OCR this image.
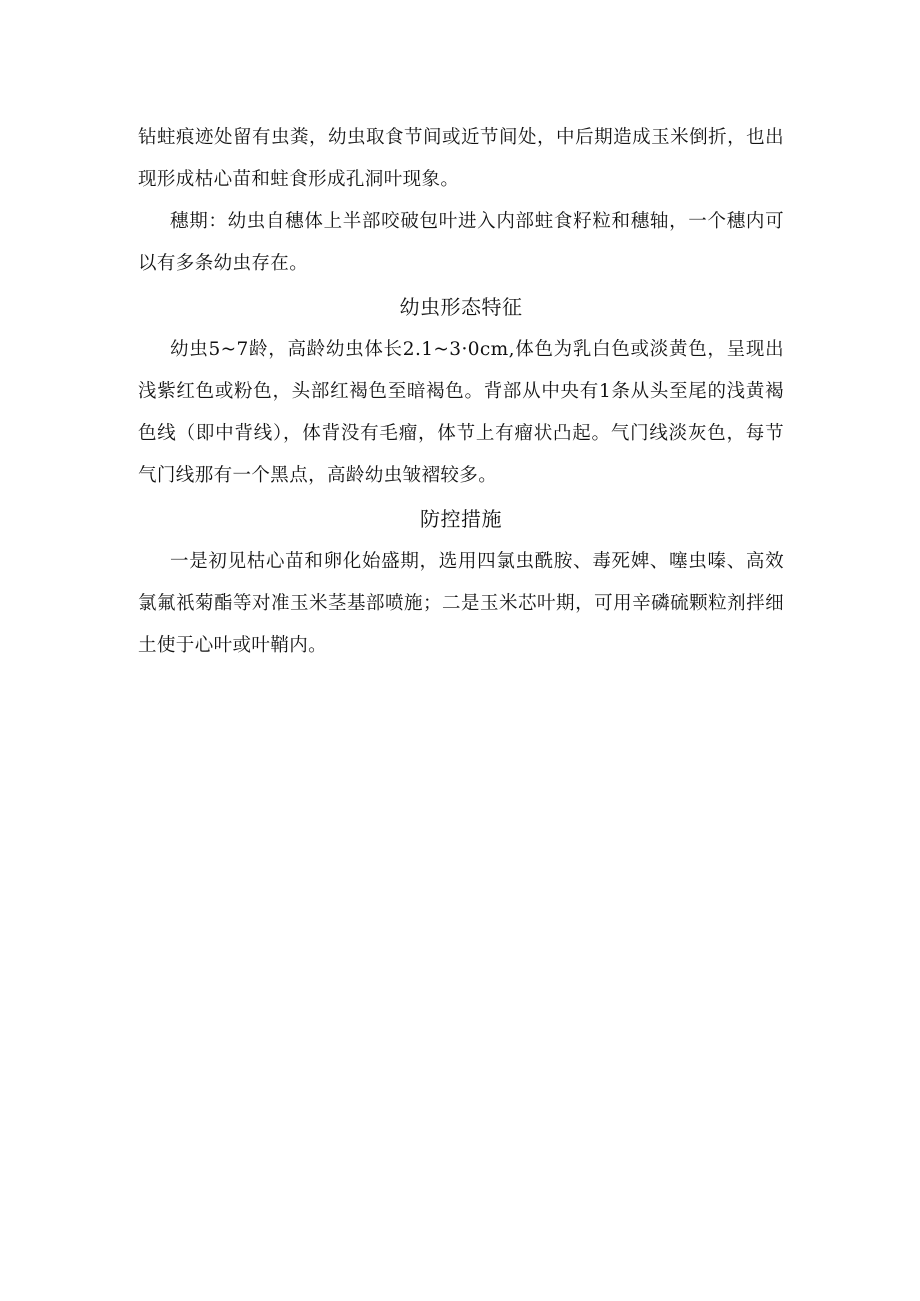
钻蛀痕迹处留有虫粪，幼虫取食节间或近节间处，中后期造成玉米倒折，也出现形成枯心苗和蛀食形成孔洞叶现象。

穗期：幼虫自穗体上半部咬破包叶进入内部蛀食籽粒和穗轴，一个穗内可以有多条幼虫存在。

幼虫形态特征

幼虫5~7龄，高龄幼虫体长2.1~3·0cm,体色为乳白色或淡黄色，呈现出浅紫红色或粉色，头部红褐色至暗褐色。背部从中央有1条从头至尾的浅黄褐色线（即中背线），体背没有毛瘤，体节上有瘤状凸起。气门线淡灰色，每节气门线那有一个黑点，高龄幼虫皱褶较多。

防控措施

一是初见枯心苗和卵化始盛期，选用四氯虫酰胺、毒死婢、噻虫嗪、高效氯氟祇菊酯等对准玉米茎基部喷施；二是玉米芯叶期，可用辛磷硫颗粒剂拌细土使于心叶或叶鞘内。
